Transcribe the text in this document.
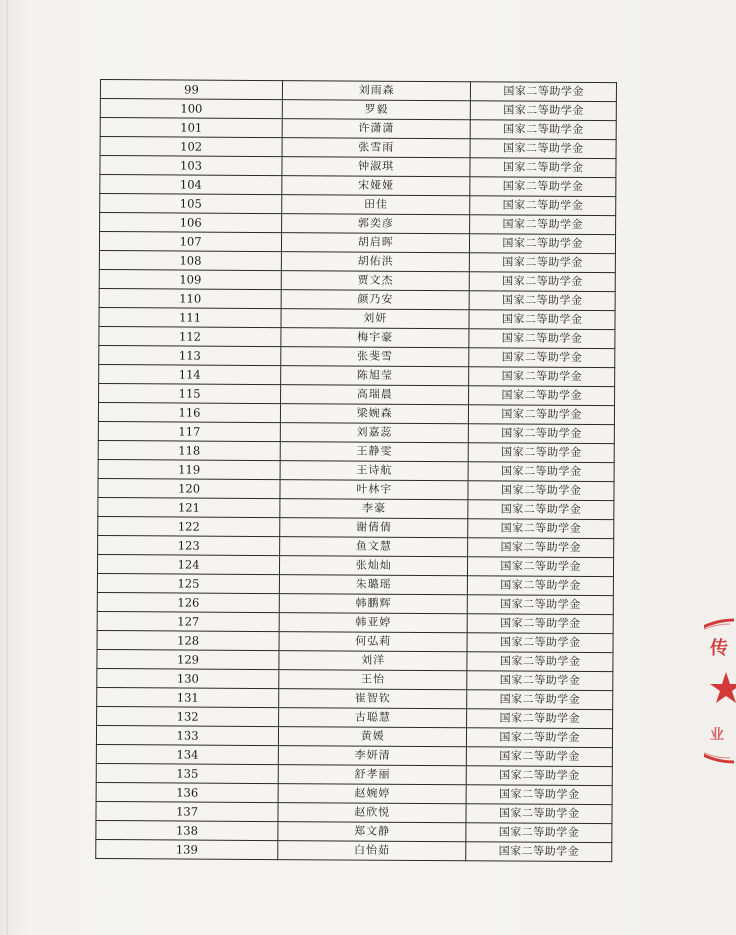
99	刘雨森	国家二等助学金
100	罗毅	国家二等助学金
101	许潇潇	国家二等助学金
102	张雪雨	国家二等助学金
103	钟淑琪	国家二等助学金
104	宋娅娅	国家二等助学金
105	田佳	国家二等助学金
106	郭奕彦	国家二等助学金
107	胡启晖	国家二等助学金
108	胡佑洪	国家二等助学金
109	贾文杰	国家二等助学金
110	颜乃安	国家二等助学金
111	刘妍	国家二等助学金
112	梅宇豪	国家二等助学金
113	张斐雪	国家二等助学金
114	陈旭莹	国家二等助学金
115	高瑞晨	国家二等助学金
116	梁婉森	国家二等助学金
117	刘嘉蕊	国家二等助学金
118	王静雯	国家二等助学金
119	王诗航	国家二等助学金
120	叶林宇	国家二等助学金
121	李豪	国家二等助学金
122	谢倩倩	国家二等助学金
123	鱼文慧	国家二等助学金
124	张灿灿	国家二等助学金
125	朱璐瑶	国家二等助学金
126	韩鹏辉	国家二等助学金
127	韩亚婷	国家二等助学金
128	何弘莉	国家二等助学金
129	刘洋	国家二等助学金
130	王怡	国家二等助学金
131	崔智钦	国家二等助学金
132	古聪慧	国家二等助学金
133	黄媛	国家二等助学金
134	李妍清	国家二等助学金
135	舒孝丽	国家二等助学金
136	赵婉婷	国家二等助学金
137	赵欣悦	国家二等助学金
138	郑文静	国家二等助学金
139	白怡茹	国家二等助学金
传
业
